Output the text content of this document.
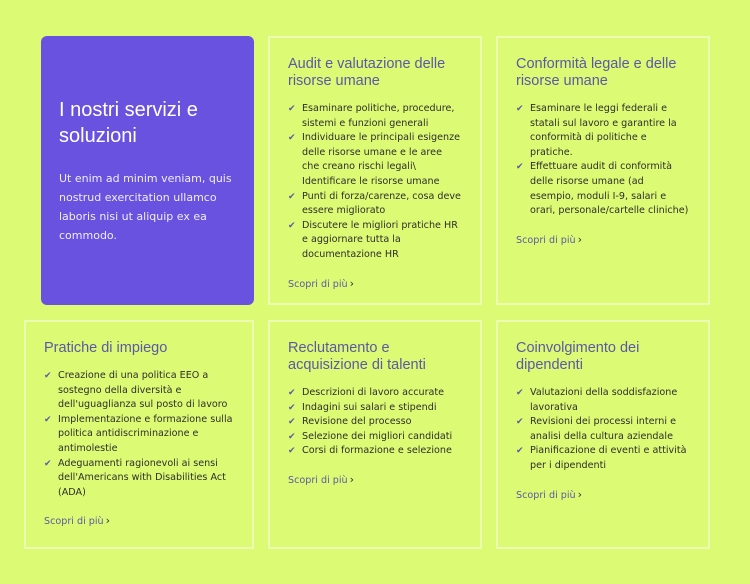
I nostri servizi e soluzioni

Ut enim ad minim veniam, quis nostrud exercitation ullamco laboris nisi ut aliquip ex ea commodo.

Audit e valutazione delle risorse umane
✔ Esaminare politiche, procedure, sistemi e funzioni generali
✔ Individuare le principali esigenze delle risorse umane e le aree che creano rischi legali\ Identificare le risorse umane
✔ Punti di forza/carenze, cosa deve essere migliorato
✔ Discutere le migliori pratiche HR e aggiornare tutta la documentazione HR
Scopri di più ›
Conformità legale e delle risorse umane
✔ Esaminare le leggi federali e statali sul lavoro e garantire la conformità di politiche e pratiche.
✔ Effettuare audit di conformità delle risorse umane (ad esempio, moduli I-9, salari e orari, personale/cartelle cliniche)
Scopri di più ›
Pratiche di impiego
✔ Creazione di una politica EEO a sostegno della diversità e dell'uguaglianza sul posto di lavoro
✔ Implementazione e formazione sulla politica antidiscriminazione e antimolestie
✔ Adeguamenti ragionevoli ai sensi dell'Americans with Disabilities Act (ADA)
Scopri di più ›
Reclutamento e acquisizione di talenti
✔ Descrizioni di lavoro accurate
✔ Indagini sui salari e stipendi
✔ Revisione del processo
✔ Selezione dei migliori candidati
✔ Corsi di formazione e selezione
Scopri di più ›
Coinvolgimento dei dipendenti
✔ Valutazioni della soddisfazione lavorativa
✔ Revisioni dei processi interni e analisi della cultura aziendale
✔ Pianificazione di eventi e attività per i dipendenti
Scopri di più ›
